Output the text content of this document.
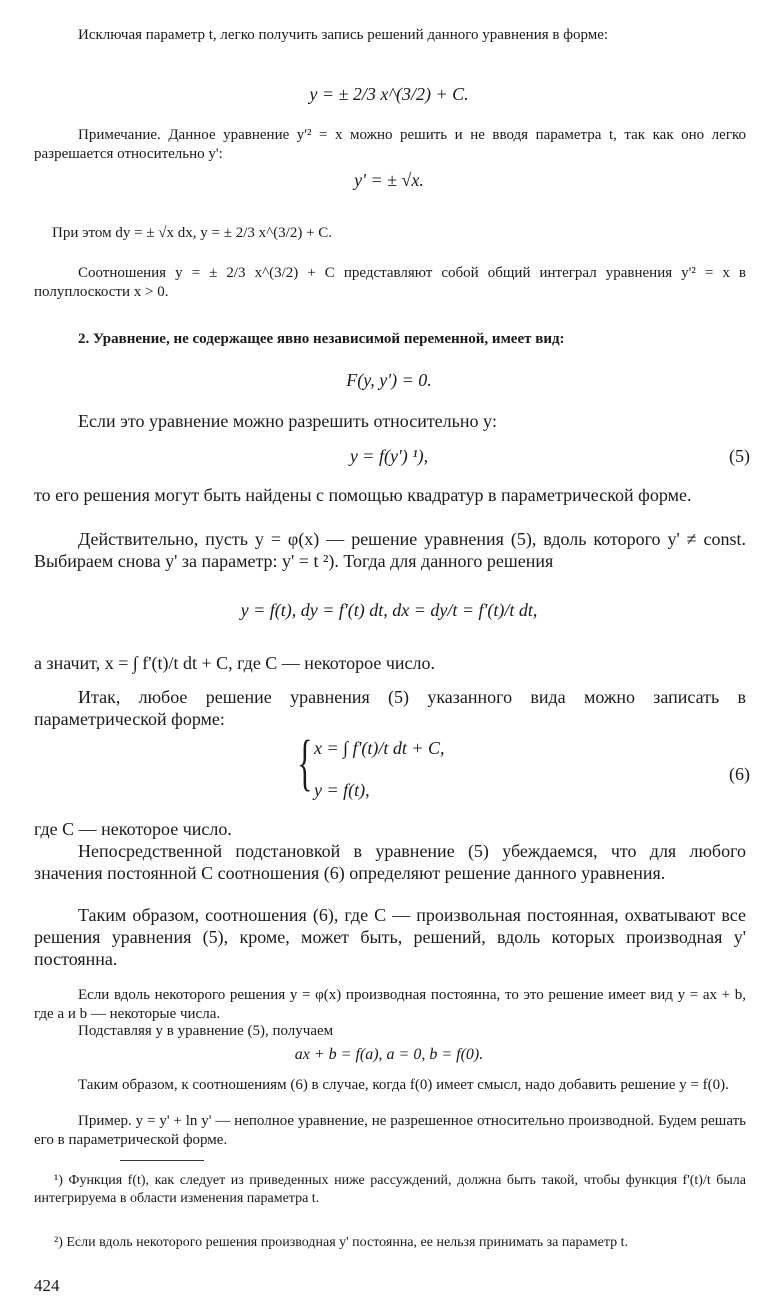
Исключая параметр t, легко получить запись решений данного уравнения в форме:

y = ± 2/3 x^(3/2) + C.

Примечание. Данное уравнение y'² = x можно решить и не вводя параметра t, так как оно легко разрешается относительно y':

y' = ± √x.

При этом dy = ± √x dx, y = ± 2/3 x^(3/2) + C.

Соотношения y = ± 2/3 x^(3/2) + C представляют собой общий интеграл уравнения y'² = x в полуплоскости x > 0.

2. Уравнение, не содержащее явно независимой переменной, имеет вид:

F(y, y') = 0.

Если это уравнение можно разрешить относительно y:

y = f(y') ¹),	(5)

то его решения могут быть найдены с помощью квадратур в параметрической форме.

Действительно, пусть y = φ(x) — решение уравнения (5), вдоль которого y' ≠ const. Выбираем снова y' за параметр: y' = t ²). Тогда для данного решения

y = f(t), dy = f'(t) dt, dx = dy/t = f'(t)/t dt,

а значит, x = ∫ f'(t)/t dt + C, где C — некоторое число.

Итак, любое решение уравнения (5) указанного вида можно записать в параметрической форме:

{ x = ∫ f'(t)/t dt + C,
y = f(t),
(6)

где C — некоторое число.

Непосредственной подстановкой в уравнение (5) убеждаемся, что для любого значения постоянной C соотношения (6) определяют решение данного уравнения.

Таким образом, соотношения (6), где C — произвольная постоянная, охватывают все решения уравнения (5), кроме, может быть, решений, вдоль которых производная y' постоянна.

Если вдоль некоторого решения y = φ(x) производная постоянна, то это решение имеет вид y = ax + b, где a и b — некоторые числа.

Подставляя y в уравнение (5), получаем

ax + b = f(a), a = 0, b = f(0).

Таким образом, к соотношениям (6) в случае, когда f(0) имеет смысл, надо добавить решение y = f(0).

Пример. y = y' + ln y' — неполное уравнение, не разрешенное относительно производной. Будем решать его в параметрической форме.

¹) Функция f(t), как следует из приведенных ниже рассуждений, должна быть такой, чтобы функция f'(t)/t была интегрируема в области изменения параметра t.

²) Если вдоль некоторого решения производная y' постоянна, ее нельзя принимать за параметр t.

424
